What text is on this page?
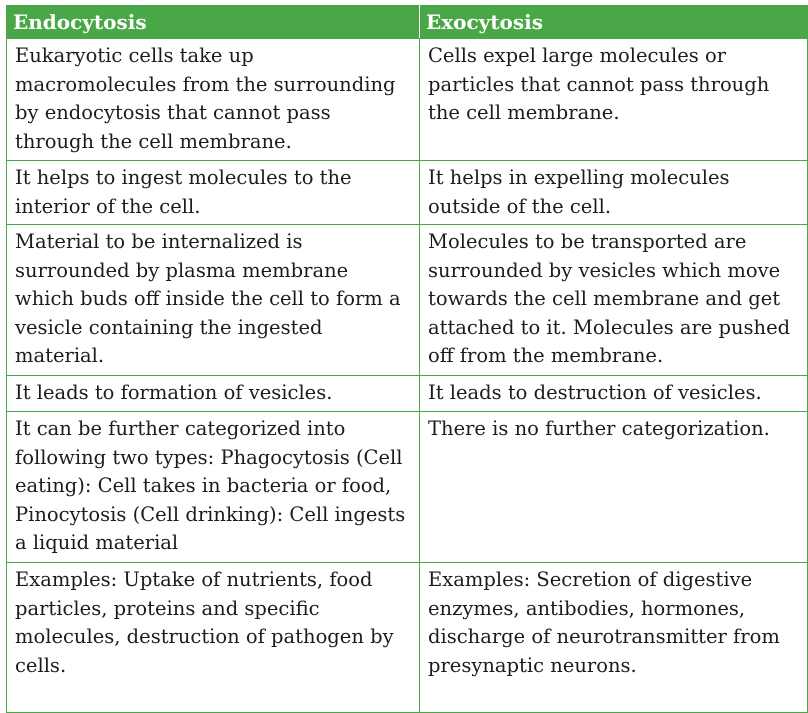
Endocytosis	Exocytosis
Eukaryotic cells take up macromolecules from the surrounding by endocytosis that cannot pass through the cell membrane.	Cells expel large molecules or particles that cannot pass through the cell membrane.
It helps to ingest molecules to the interior of the cell.	It helps in expelling molecules outside of the cell.
Material to be internalized is surrounded by plasma membrane which buds off inside the cell to form a vesicle containing the ingested material.	Molecules to be transported are surrounded by vesicles which move towards the cell membrane and get attached to it. Molecules are pushed off from the membrane.
It leads to formation of vesicles.	It leads to destruction of vesicles.
It can be further categorized into following two types: Phagocytosis (Cell eating): Cell takes in bacteria or food, Pinocytosis (Cell drinking): Cell ingests a liquid material	There is no further categorization.
Examples: Uptake of nutrients, food particles, proteins and specific molecules, destruction of pathogen by cells.	Examples: Secretion of digestive enzymes, antibodies, hormones, discharge of neurotransmitter from presynaptic neurons.
